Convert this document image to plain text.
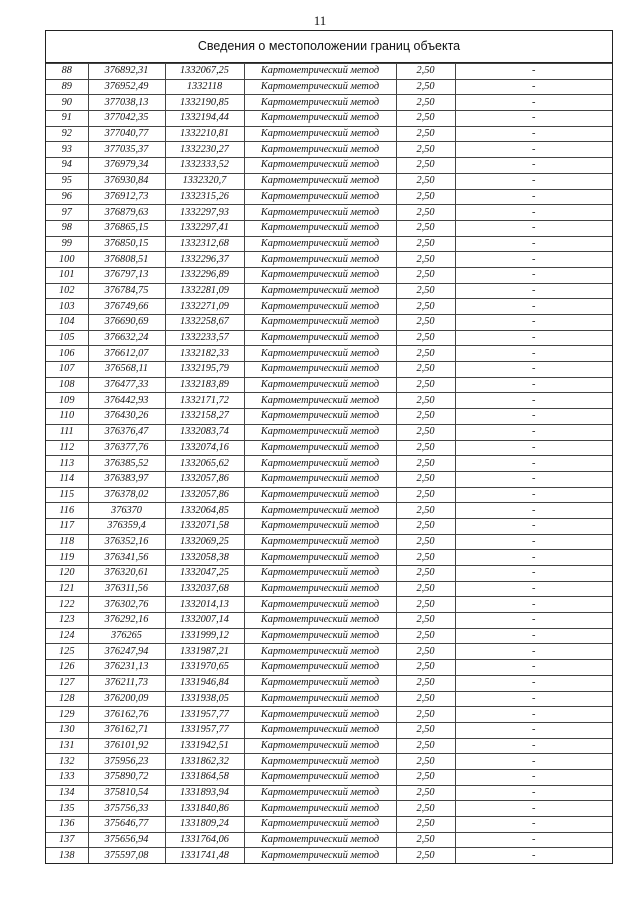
11
Сведения о местоположении границ объекта
88	376892,31	1332067,25	Картометрический метод	2,50	-
89	376952,49	1332118	Картометрический метод	2,50	-
90	377038,13	1332190,85	Картометрический метод	2,50	-
91	377042,35	1332194,44	Картометрический метод	2,50	-
92	377040,77	1332210,81	Картометрический метод	2,50	-
93	377035,37	1332230,27	Картометрический метод	2,50	-
94	376979,34	1332333,52	Картометрический метод	2,50	-
95	376930,84	1332320,7	Картометрический метод	2,50	-
96	376912,73	1332315,26	Картометрический метод	2,50	-
97	376879,63	1332297,93	Картометрический метод	2,50	-
98	376865,15	1332297,41	Картометрический метод	2,50	-
99	376850,15	1332312,68	Картометрический метод	2,50	-
100	376808,51	1332296,37	Картометрический метод	2,50	-
101	376797,13	1332296,89	Картометрический метод	2,50	-
102	376784,75	1332281,09	Картометрический метод	2,50	-
103	376749,66	1332271,09	Картометрический метод	2,50	-
104	376690,69	1332258,67	Картометрический метод	2,50	-
105	376632,24	1332233,57	Картометрический метод	2,50	-
106	376612,07	1332182,33	Картометрический метод	2,50	-
107	376568,11	1332195,79	Картометрический метод	2,50	-
108	376477,33	1332183,89	Картометрический метод	2,50	-
109	376442,93	1332171,72	Картометрический метод	2,50	-
110	376430,26	1332158,27	Картометрический метод	2,50	-
111	376376,47	1332083,74	Картометрический метод	2,50	-
112	376377,76	1332074,16	Картометрический метод	2,50	-
113	376385,52	1332065,62	Картометрический метод	2,50	-
114	376383,97	1332057,86	Картометрический метод	2,50	-
115	376378,02	1332057,86	Картометрический метод	2,50	-
116	376370	1332064,85	Картометрический метод	2,50	-
117	376359,4	1332071,58	Картометрический метод	2,50	-
118	376352,16	1332069,25	Картометрический метод	2,50	-
119	376341,56	1332058,38	Картометрический метод	2,50	-
120	376320,61	1332047,25	Картометрический метод	2,50	-
121	376311,56	1332037,68	Картометрический метод	2,50	-
122	376302,76	1332014,13	Картометрический метод	2,50	-
123	376292,16	1332007,14	Картометрический метод	2,50	-
124	376265	1331999,12	Картометрический метод	2,50	-
125	376247,94	1331987,21	Картометрический метод	2,50	-
126	376231,13	1331970,65	Картометрический метод	2,50	-
127	376211,73	1331946,84	Картометрический метод	2,50	-
128	376200,09	1331938,05	Картометрический метод	2,50	-
129	376162,76	1331957,77	Картометрический метод	2,50	-
130	376162,71	1331957,77	Картометрический метод	2,50	-
131	376101,92	1331942,51	Картометрический метод	2,50	-
132	375956,23	1331862,32	Картометрический метод	2,50	-
133	375890,72	1331864,58	Картометрический метод	2,50	-
134	375810,54	1331893,94	Картометрический метод	2,50	-
135	375756,33	1331840,86	Картометрический метод	2,50	-
136	375646,77	1331809,24	Картометрический метод	2,50	-
137	375656,94	1331764,06	Картометрический метод	2,50	-
138	375597,08	1331741,48	Картометрический метод	2,50	-
